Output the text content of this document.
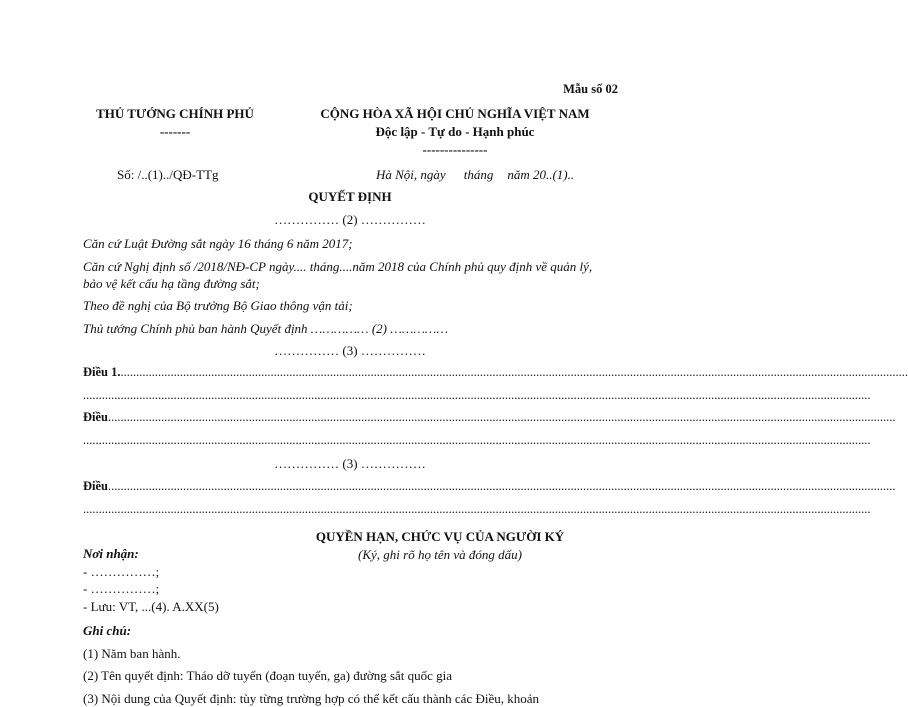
Mẫu số 02
THỦ TƯỚNG CHÍNH PHỦ
-------
CỘNG HÒA XÃ HỘI CHỦ NGHĨA VIỆT NAM
Độc lập - Tự do - Hạnh phúc
---------------
Số: /..(1)../QĐ-TTg	Hà Nội, ngày tháng năm 20..(1)..
QUYẾT ĐỊNH
…………… (2) ……………
Căn cứ Luật Đường sắt ngày 16 tháng 6 năm 2017;
Căn cứ Nghị định số /2018/NĐ-CP ngày.... tháng....năm 2018 của Chính phủ quy định về quản lý, bảo vệ kết cấu hạ tầng đường sắt;
Theo đề nghị của Bộ trưởng Bộ Giao thông vận tải;
Thủ tướng Chính phủ ban hành Quyết định …………… (2) ……………
…………… (3) ……………
Điều 1. ............................................................................................................................................................................................................................................................
............................................................................................................................................................................................................................................................
Điều ............................................................................................................................................................................................................................................................
............................................................................................................................................................................................................................................................
…………… (3) ……………
Điều ............................................................................................................................................................................................................................................................
............................................................................................................................................................................................................................................................
QUYỀN HẠN, CHỨC VỤ CỦA NGƯỜI KÝ
(Ký, ghi rõ họ tên và đóng dấu)
Nơi nhận:
- ……………;
- ……………;
- Lưu: VT, ...(4). A.XX(5)
Ghi chú:
(1) Năm ban hành.
(2) Tên quyết định: Tháo dỡ tuyến (đoạn tuyến, ga) đường sắt quốc gia
(3) Nội dung của Quyết định: tùy từng trường hợp có thể kết cấu thành các Điều, khoản
